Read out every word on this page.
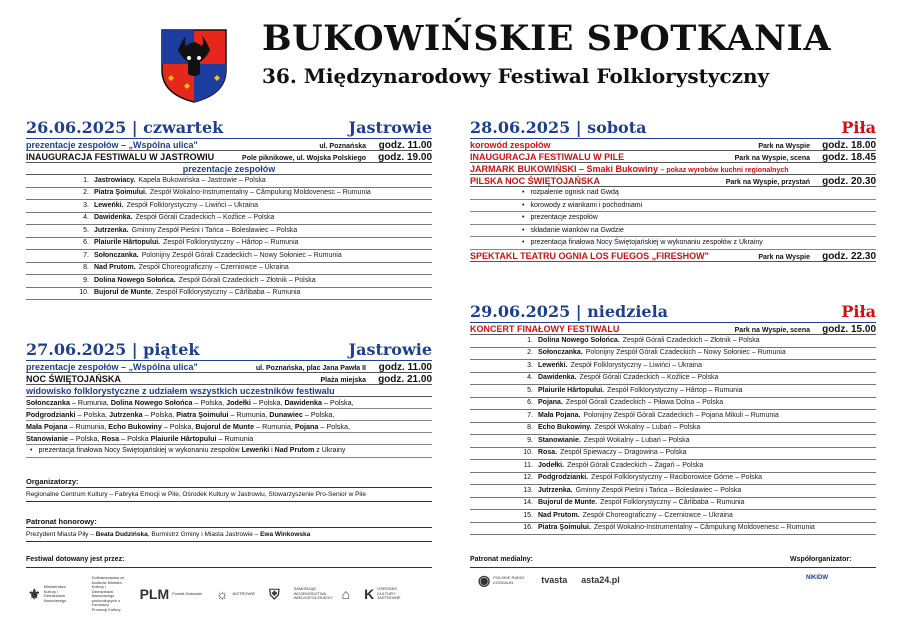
BUKOWIŃSKIE SPOTKANIA
36. Międzynarodowy Festiwal Folklorystyczny
26.06.2025 | czwartek	Jastrowie
prezentacje zespołów – „Wspólna ulica"	ul. Poznańska godz. 11.00
INAUGURACJA FESTIWALU W JASTROWIU	Pole piknikowe, ul. Wojska Polskiego godz. 19.00
prezentacje zespołów
1. Jastrowiacy. Kapela Bukowińska – Jastrowie – Polska
2. Piatra Şoimului. Zespół Wokalno-Instrumentalny – Câmpulung Moldovenesc – Rumunia
3. Leweńki. Zespół Folklorystyczny – Liwińci – Ukraina
4. Dawidenka. Zespół Górali Czadeckich – Koźlice – Polska
5. Jutrzenka. Gminny Zespół Pieśni i Tańca – Bolesławiec – Polska
6. Plaiurile Hârtopului. Zespół Folklorystyczny – Hârtop – Rumunia
7. Sołonczanka. Polonijny Zespół Górali Czadeckich – Nowy Sołoniec – Rumunia
8. Nad Prutom. Zespół Choreograficzny – Czerniowce – Ukraina
9. Dolina Nowego Sołońca. Zespół Górali Czadeckich – Złotnik – Polska
10. Bujorul de Munte. Zespół Folklorystyczny – Cârlibaba – Rumunia
27.06.2025 | piątek	Jastrowie
prezentacje zespołów – „Wspólna ulica"	ul. Poznańska, plac Jana Pawła II godz. 11.00
NOC ŚWIĘTOJAŃSKA	Plaża miejska godz. 21.00
widowisko folklorystyczne z udziałem wszystkich uczestników festiwalu
Sołonczanka – Rumunia, Dolina Nowego Sołońca – Polska, Jodełki – Polska, Dawidenka – Polska,
Podgrodzianki – Polska, Jutrzenka – Polska, Piatra Şoimului – Rumunia, Dunawiec – Polska,
Mała Pojana – Rumunia, Echo Bukowiny – Polska, Bujorul de Munte – Rumunia, Pojana – Polska,
Stanowianie – Polska, Rosa – Polska Plaiurile Hârtopului – Rumunia
• prezentacja finałowa Nocy Świętojańskiej w wykonaniu zespołów Leweńki i Nad Prutom z Ukrainy
Organizatorzy:
Regionalne Centrum Kultury – Fabryka Emocji w Pile, Ośrodek Kultury w Jastrowiu, Stowarzyszenie Pro-Senior w Pile
Patronat honorowy:
Prezydent Miasta Piły – Beata Dudzińska, Burmistrz Gminy i Miasta Jastrowie – Ewa Winkowska
28.06.2025 | sobota	Piła
korowód zespołów	Park na Wyspie godz. 18.00
INAUGURACJA FESTIWALU W PILE	Park na Wyspie, scena godz. 18.45
JARMARK BUKOWIŃSKI – Smaki Bukowiny – pokaz wyrobów kuchni regionalnych
PILSKA NOC ŚWIĘTOJAŃSKA	Park na Wyspie, przystań godz. 20.30
• rozpalenie ognisk nad Gwdą
• korowody z wiankami i pochodniami
• prezentacje zespołów
• składanie wianków na Gwdzie
• prezentacja finałowa Nocy Świętojańskiej w wykonaniu zespołów z Ukrainy
SPEKTAKL TEATRU OGNIA LOS FUEGOS „FIRESHOW"	Park na Wyspie godz. 22.30
29.06.2025 | niedziela	Piła
KONCERT FINAŁOWY FESTIWALU	Park na Wyspie, scena godz. 15.00
1. Dolina Nowego Sołońca. Zespół Górali Czadeckich – Złotnik – Polska
2. Sołonczanka. Polonijny Zespół Górali Czadeckich – Nowy Sołoniec – Rumunia
3. Leweńki. Zespół Folklorystyczny – Liwińci – Ukraina
4. Dawidenka. Zespół Górali Czadeckich – Koźlice – Polska
5. Plaiurile Hârtopului. Zespół Folklorystyczny – Hârtop – Rumunia
6. Pojana. Zespół Górali Czadeckich – Piława Dolna – Polska
7. Mała Pojana. Polonijny Zespół Górali Czadeckich – Pojana Mikuli – Rumunia
8. Echo Bukowiny. Zespół Wokalny – Lubań – Polska
9. Stanowianie. Zespół Wokalny – Lubań – Polska
10. Rosa. Zespół Śpiewaczy – Dragowina – Polska
11. Jodełki. Zespół Górali Czadeckich – Żagań – Polska
12. Podgrodzianki. Zespół Folklorystyczny – Raciborowice Górne – Polska
13. Jutrzenka. Gminny Zespół Pieśni i Tańca – Bolesławiec – Polska
14. Bujorul de Munte. Zespół Folklorystyczny – Cârlibaba – Rumunia
15. Nad Prutom. Zespół Choreograficzny – Czerniowce – Ukraina
16. Piatra Şoimului. Zespół Wokalno-Instrumentalny – Câmpulung Moldovenesc – Rumunia
Festiwal dotowany jest przez:	Patronat medialny:	Współorganizator:
⚜ Ministerstwo Kultury i Dziedzictwa Narodowego
Dofinansowano ze środków Ministra Kultury i Dziedzictwa Narodowego pochodzących z Funduszu Promocji Kultury
PLM Powiat Złotowski ☼ JASTROWIE ⛨	SAMORZĄD WOJEWÓDZTWA WIELKOPOLSKIEGO ⌂ K OŚRODEK KULTURY JASTROWIE
◉ POLSKIE RADIO KOSZALIN	tvasta asta24.pl	NIKIDW
